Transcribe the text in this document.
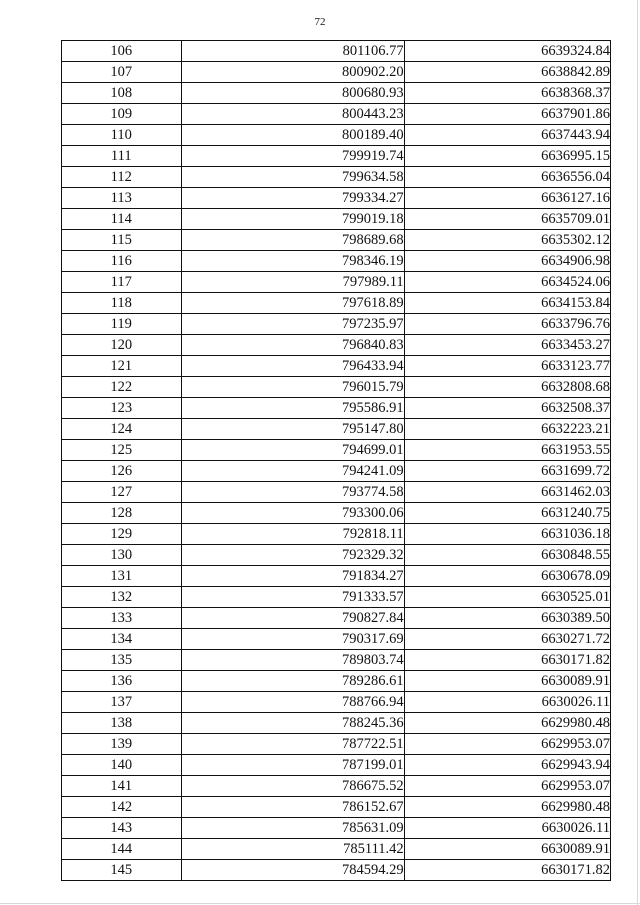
72
106	801106.77	6639324.84
107	800902.20	6638842.89
108	800680.93	6638368.37
109	800443.23	6637901.86
110	800189.40	6637443.94
111	799919.74	6636995.15
112	799634.58	6636556.04
113	799334.27	6636127.16
114	799019.18	6635709.01
115	798689.68	6635302.12
116	798346.19	6634906.98
117	797989.11	6634524.06
118	797618.89	6634153.84
119	797235.97	6633796.76
120	796840.83	6633453.27
121	796433.94	6633123.77
122	796015.79	6632808.68
123	795586.91	6632508.37
124	795147.80	6632223.21
125	794699.01	6631953.55
126	794241.09	6631699.72
127	793774.58	6631462.03
128	793300.06	6631240.75
129	792818.11	6631036.18
130	792329.32	6630848.55
131	791834.27	6630678.09
132	791333.57	6630525.01
133	790827.84	6630389.50
134	790317.69	6630271.72
135	789803.74	6630171.82
136	789286.61	6630089.91
137	788766.94	6630026.11
138	788245.36	6629980.48
139	787722.51	6629953.07
140	787199.01	6629943.94
141	786675.52	6629953.07
142	786152.67	6629980.48
143	785631.09	6630026.11
144	785111.42	6630089.91
145	784594.29	6630171.82
